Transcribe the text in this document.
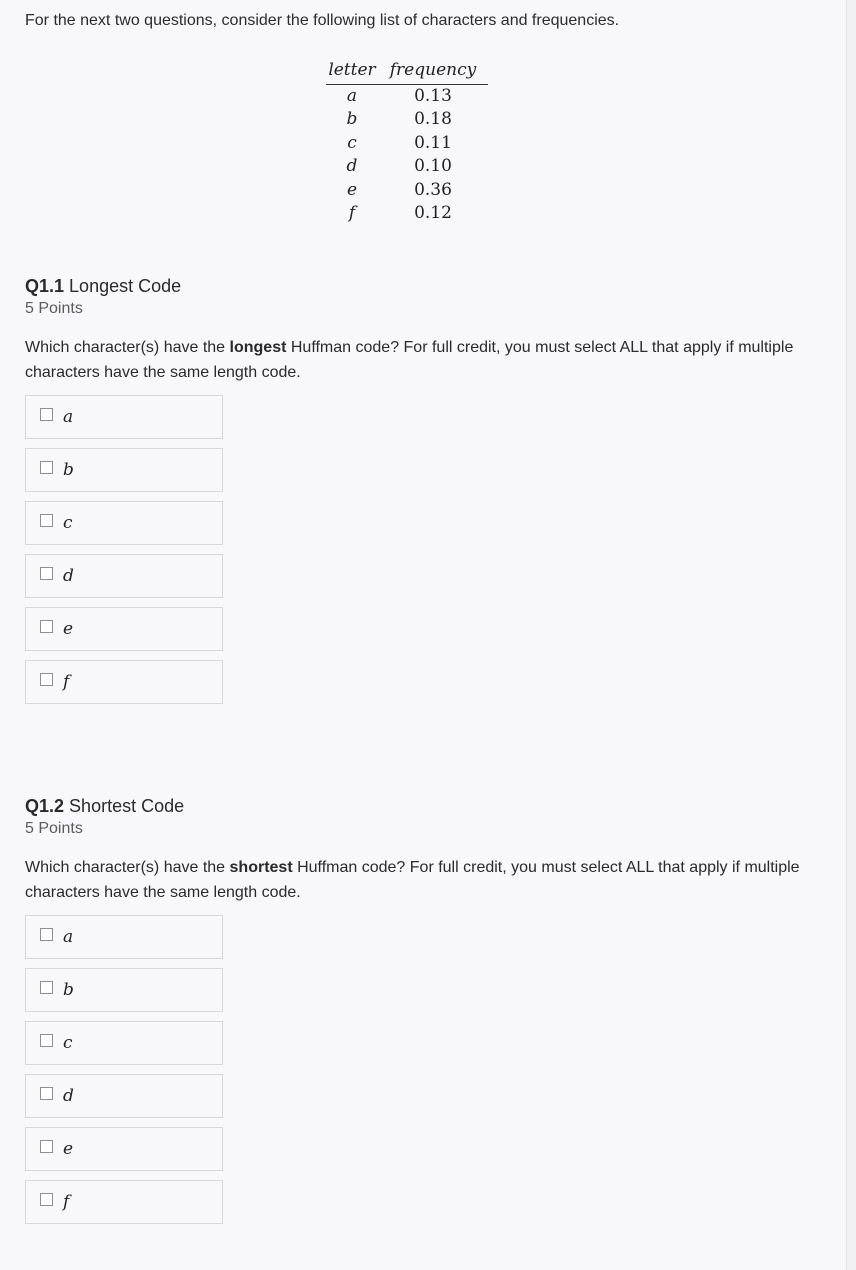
For the next two questions, consider the following list of characters and frequencies.
letter frequency
a	0.13
b	0.18
c	0.11
d	0.10
e	0.36
f	0.12
Q1.1 Longest Code
5 Points
Which character(s) have the longest Huffman code? For full credit, you must select ALL that apply if multiple characters have the same length code.
a
b
c
d
e
f
Q1.2 Shortest Code
5 Points
Which character(s) have the shortest Huffman code? For full credit, you must select ALL that apply if multiple characters have the same length code.
a
b
c
d
e
f
